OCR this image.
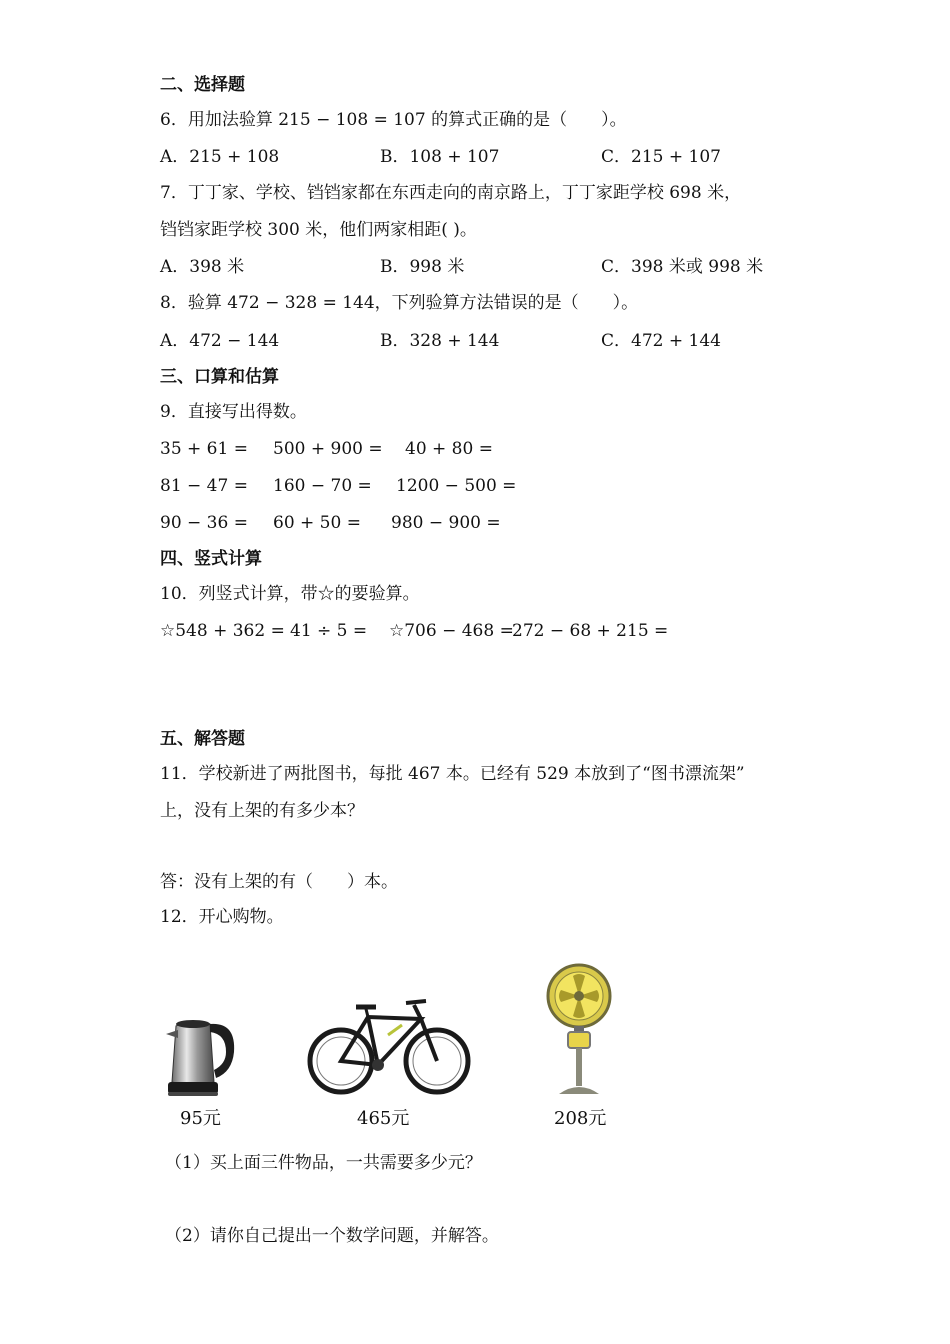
二、选择题
6．用加法验算 215 − 108 = 107 的算式正确的是（　　）。
A．215 + 108	B．108 + 107	C．215 + 107
7．丁丁家、学校、铛铛家都在东西走向的南京路上，丁丁家距学校 698 米，
铛铛家距学校 300 米，他们两家相距( )。
A．398 米	B．998 米	C．398 米或 998 米
8．验算 472 − 328 = 144，下列验算方法错误的是（　　）。
A．472 − 144	B．328 + 144	C．472 + 144
三、口算和估算
9．直接写出得数。
35 + 61 = 500 + 900 = 40 + 80 =
81 − 47 = 160 − 70 = 1200 − 500 =
90 − 36 = 60 + 50 = 980 − 900 =
四、竖式计算
10．列竖式计算，带☆的要验算。
☆548 + 362 = 41 ÷ 5 = ☆706 − 468 =
272 − 68 + 215 =
五、解答题
11．学校新进了两批图书，每批 467 本。已经有 529 本放到了“图书漂流架”
上，没有上架的有多少本？
答：没有上架的有（　　）本。
12．开心购物。
95元	465元	208元
（1）买上面三件物品，一共需要多少元？
（2）请你自己提出一个数学问题，并解答。
